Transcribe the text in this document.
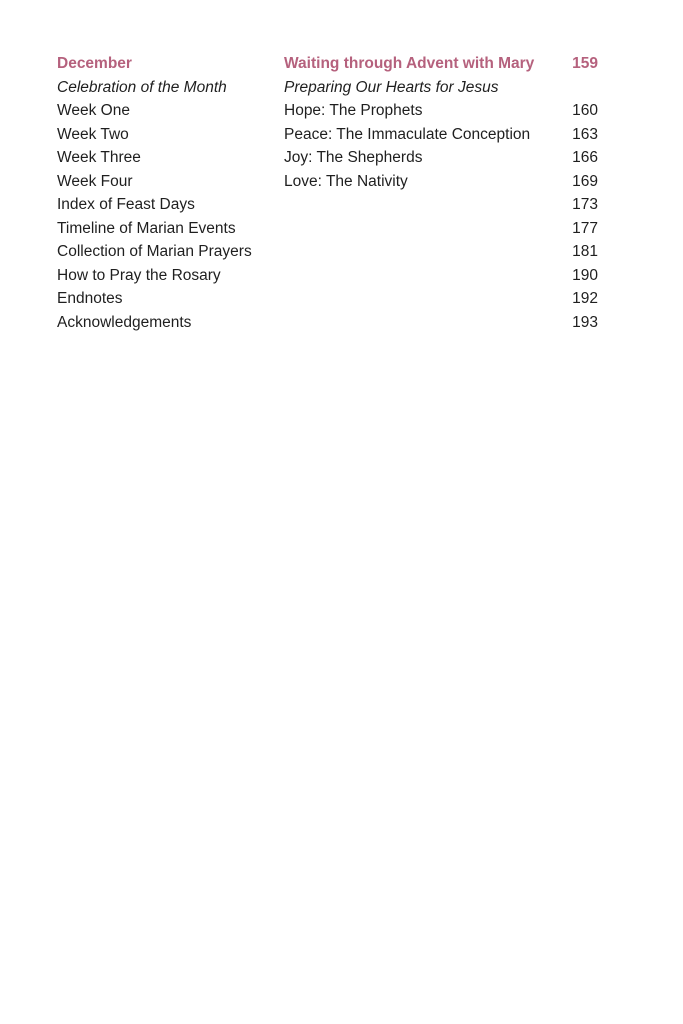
December	Waiting through Advent with Mary 159
Celebration of the Month	Preparing Our Hearts for Jesus
Week One	Hope: The Prophets	160
Week Two	Peace: The Immaculate Conception	163
Week Three	Joy: The Shepherds	166
Week Four	Love: The Nativity	169
Index of Feast Days	173
Timeline of Marian Events	177
Collection of Marian Prayers	181
How to Pray the Rosary	190
Endnotes	192
Acknowledgements	193
